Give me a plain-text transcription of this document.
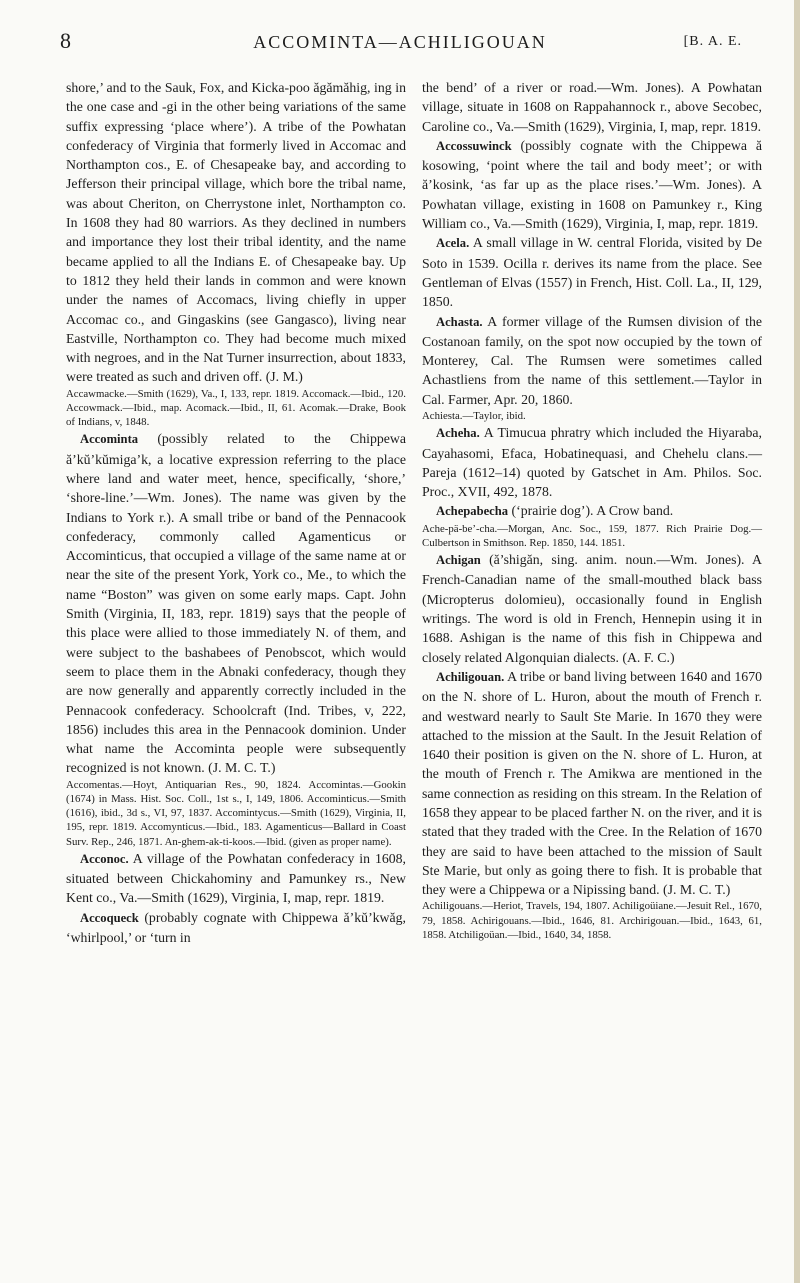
8	ACCOMINTA—ACHILIGOUAN	[B. A. E.

shore,’ and to the Sauk, Fox, and Kicka-poo ăgămăhig, ing in the one case and -gi in the other being variations of the same suffix expressing ‘place where’). A tribe of the Powhatan confederacy of Virginia that formerly lived in Accomac and Northampton cos., E. of Chesapeake bay, and according to Jefferson their principal village, which bore the tribal name, was about Cheriton, on Cherrystone inlet, Northampton co. In 1608 they had 80 warriors. As they declined in numbers and importance they lost their tribal identity, and the name became applied to all the Indians E. of Chesapeake bay. Up to 1812 they held their lands in common and were known under the names of Accomacs, living chiefly in upper Accomac co., and Gingaskins (see Gangasco), living near Eastville, Northampton co. They had become much mixed with negroes, and in the Nat Turner insurrection, about 1833, were treated as such and driven off. (J. M.)

Accawmacke.—Smith (1629), Va., I, 133, repr. 1819. Accomack.—Ibid., 120. Accowmack.—Ibid., map. Acomack.—Ibid., II, 61. Acomak.—Drake, Book of Indians, v, 1848.

Accominta (possibly related to the Chippewa ă’kŭ’kŭmiga’k, a locative expression referring to the place where land and water meet, hence, specifically, ‘shore,’ ‘shore-line.’—Wm. Jones). The name was given by the Indians to York r.). A small tribe or band of the Pennacook confederacy, commonly called Agamenticus or Accominticus, that occupied a village of the same name at or near the site of the present York, York co., Me., to which the name “Boston” was given on some early maps. Capt. John Smith (Virginia, II, 183, repr. 1819) says that the people of this place were allied to those immediately N. of them, and were subject to the bashabees of Penobscot, which would seem to place them in the Abnaki confederacy, though they are now generally and apparently correctly included in the Pennacook confederacy. Schoolcraft (Ind. Tribes, v, 222, 1856) includes this area in the Pennacook dominion. Under what name the Accominta people were subsequently recognized is not known. (J. M. C. T.)

Accomentas.—Hoyt, Antiquarian Res., 90, 1824. Accomintas.—Gookin (1674) in Mass. Hist. Soc. Coll., 1st s., I, 149, 1806. Accominticus.—Smith (1616), ibid., 3d s., VI, 97, 1837. Accomintycus.—Smith (1629), Virginia, II, 195, repr. 1819. Accomynticus.—Ibid., 183. Agamenticus—Ballard in Coast Surv. Rep., 246, 1871. An-ghem-ak-ti-koos.—Ibid. (given as proper name).

Acconoc. A village of the Powhatan confederacy in 1608, situated between Chickahominy and Pamunkey rs., New Kent co., Va.—Smith (1629), Virginia, I, map, repr. 1819.

Accoqueck (probably cognate with Chippewa ă’kŭ’kwăg, ‘whirlpool,’ or ‘turn in

the bend’ of a river or road.—Wm. Jones). A Powhatan village, situate in 1608 on Rappahannock r., above Secobec, Caroline co., Va.—Smith (1629), Virginia, I, map, repr. 1819.

Accossuwinck (possibly cognate with the Chippewa ă kosowing, ‘point where the tail and body meet’; or with ă’kosink, ‘as far up as the place rises.’—Wm. Jones). A Powhatan village, existing in 1608 on Pamunkey r., King William co., Va.—Smith (1629), Virginia, I, map, repr. 1819.

Acela. A small village in W. central Florida, visited by De Soto in 1539. Ocilla r. derives its name from the place. See Gentleman of Elvas (1557) in French, Hist. Coll. La., II, 129, 1850.

Achasta. A former village of the Rumsen division of the Costanoan family, on the spot now occupied by the town of Monterey, Cal. The Rumsen were sometimes called Achastliens from the name of this settlement.—Taylor in Cal. Farmer, Apr. 20, 1860.

Achiesta.—Taylor, ibid.

Acheha. A Timucua phratry which included the Hiyaraba, Cayahasomi, Efaca, Hobatinequasi, and Chehelu clans.— Pareja (1612–14) quoted by Gatschet in Am. Philos. Soc. Proc., XVII, 492, 1878.

Achepabecha (‘prairie dog’). A Crow band.

Ache-pä-be’-cha.—Morgan, Anc. Soc., 159, 1877. Rich Prairie Dog.—Culbertson in Smithson. Rep. 1850, 144. 1851.

Achigan (ă’shigăn, sing. anim. noun.—Wm. Jones). A French-Canadian name of the small-mouthed black bass (Micropterus dolomieu), occasionally found in English writings. The word is old in French, Hennepin using it in 1688. Ashigan is the name of this fish in Chippewa and closely related Algonquian dialects. (A. F. C.)

Achiligouan. A tribe or band living between 1640 and 1670 on the N. shore of L. Huron, about the mouth of French r. and westward nearly to Sault Ste Marie. In 1670 they were attached to the mission at the Sault. In the Jesuit Relation of 1640 their position is given on the N. shore of L. Huron, at the mouth of French r. The Amikwa are mentioned in the same connection as residing on this stream. In the Relation of 1658 they appear to be placed farther N. on the river, and it is stated that they traded with the Cree. In the Relation of 1670 they are said to have been attached to the mission of Sault Ste Marie, but only as going there to fish. It is probable that they were a Chippewa or a Nipissing band. (J. M. C. T.)

Achiligouans.—Heriot, Travels, 194, 1807. Achiligoüiane.—Jesuit Rel., 1670, 79, 1858. Achirigouans.—Ibid., 1646, 81. Archirigouan.—Ibid., 1643, 61, 1858. Atchiligoüan.—Ibid., 1640, 34, 1858.
